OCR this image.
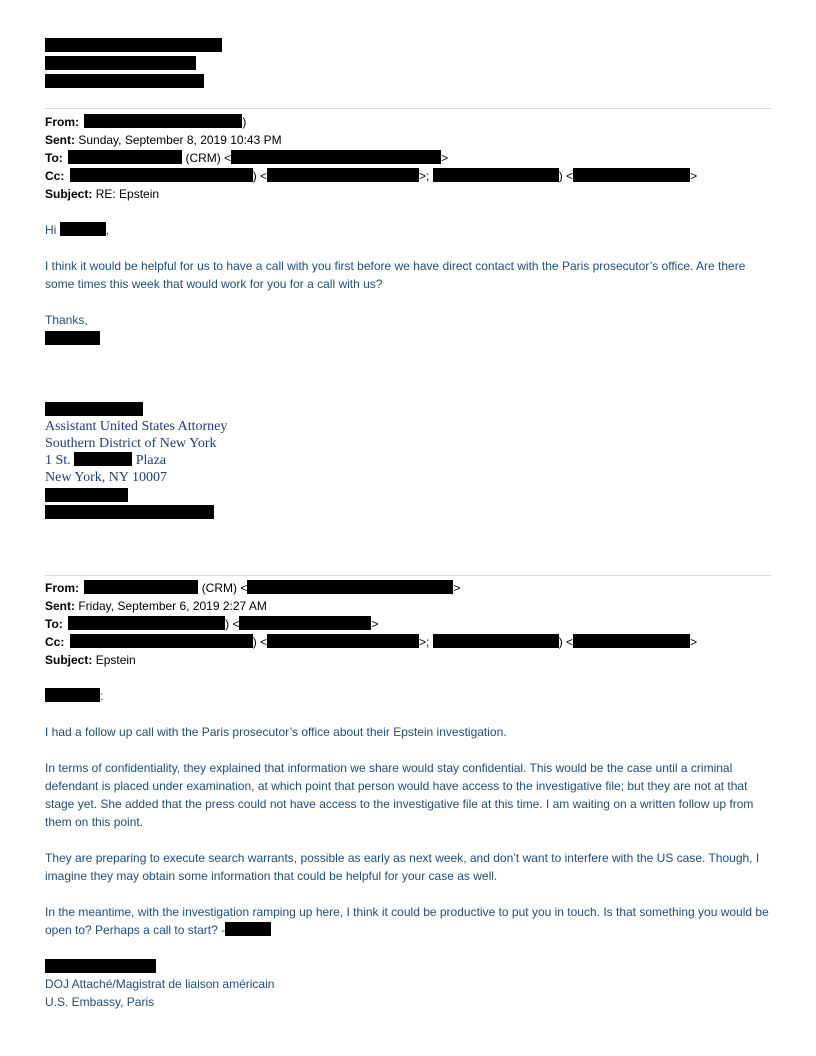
From:	)
Sent: Sunday, September 8, 2019 10:43 PM
To:	(CRM) <	>
Cc:	) <	>;	) <	>
Subject: RE: Epstein
Hi	,
I think it would be helpful for us to have a call with you first before we have direct contact with the Paris prosecutor’s office. Are there some times this week that would work for you for a call with us?
Thanks,
Assistant United States Attorney
Southern District of New York
1 St.	Plaza
New York, NY 10007
From:	(CRM) <	>
Sent: Friday, September 6, 2019 2:27 AM
To:	) <	>
Cc:	) <	>;	) <	>
Subject: Epstein
:
I had a follow up call with the Paris prosecutor’s office about their Epstein investigation.
In terms of confidentiality, they explained that information we share would stay confidential. This would be the case until a criminal defendant is placed under examination, at which point that person would have access to the investigative file; but they are not at that stage yet. She added that the press could not have access to the investigative file at this time. I am waiting on a written follow up from them on this point.
They are preparing to execute search warrants, possible as early as next week, and don’t want to interfere with the US case. Though, I imagine they may obtain some information that could be helpful for your case as well.
In the meantime, with the investigation ramping up here, I think it could be productive to put you in touch. Is that something you would be open to? Perhaps a call to start? -
DOJ Attaché/Magistrat de liaison américain
U.S. Embassy, Paris
